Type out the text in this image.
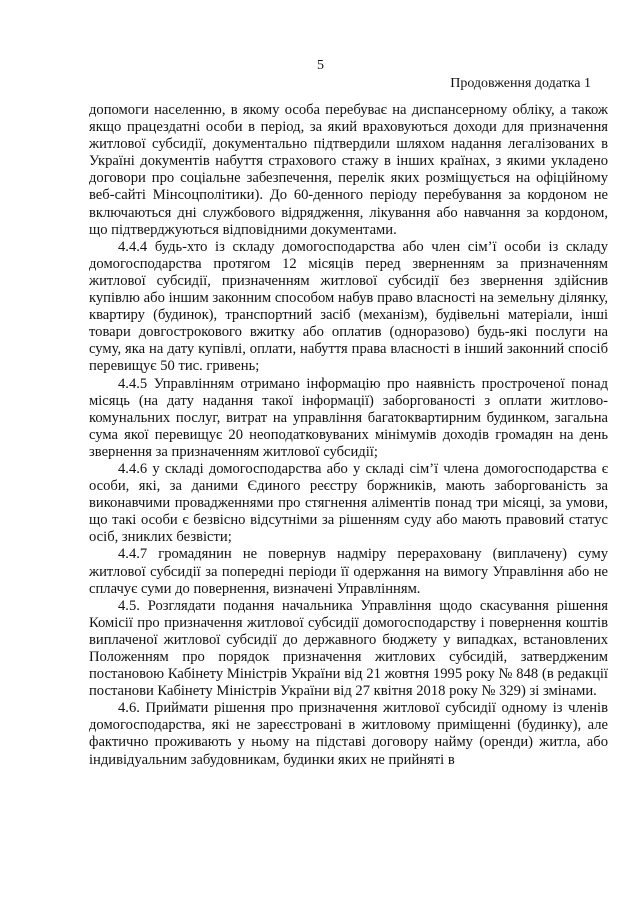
5
Продовження додатка 1

допомоги населенню, в якому особа перебуває на диспансерному обліку, а також якщо працездатні особи в період, за який враховуються доходи для призначення житлової субсидії, документально підтвердили шляхом надання легалізованих в Україні документів набуття страхового стажу в інших країнах, з якими укладено договори про соціальне забезпечення, перелік яких розміщується на офіційному веб-сайті Мінсоцполітики). До 60-денного періоду перебування за кордоном не включаються дні службового відрядження, лікування або навчання за кордоном, що підтверджуються відповідними документами.

4.4.4 будь-хто із складу домогосподарства або член сім’ї особи із складу домогосподарства протягом 12 місяців перед зверненням за призначенням житлової субсидії, призначенням житлової субсидії без звернення здійснив купівлю або іншим законним способом набув право власності на земельну ділянку, квартиру (будинок), транспортний засіб (механізм), будівельні матеріали, інші товари довгострокового вжитку або оплатив (одноразово) будь-які послуги на суму, яка на дату купівлі, оплати, набуття права власності в інший законний спосіб перевищує 50 тис. гривень;

4.4.5 Управлінням отримано інформацію про наявність простроченої понад місяць (на дату надання такої інформації) заборгованості з оплати житлово-комунальних послуг, витрат на управління багатоквартирним будинком, загальна сума якої перевищує 20 неоподатковуваних мінімумів доходів громадян на день звернення за призначенням житлової субсидії;

4.4.6 у складі домогосподарства або у складі сім’ї члена домогосподарства є особи, які, за даними Єдиного реєстру боржників, мають заборгованість за виконавчими провадженнями про стягнення аліментів понад три місяці, за умови, що такі особи є безвісно відсутніми за рішенням суду або мають правовий статус осіб, зниклих безвісти;

4.4.7 громадянин не повернув надміру перераховану (виплачену) суму житлової субсидії за попередні періоди її одержання на вимогу Управління або не сплачує суми до повернення, визначені Управлінням.

4.5. Розглядати подання начальника Управління щодо скасування рішення Комісії про призначення житлової субсидії домогосподарству і повернення коштів виплаченої житлової субсидії до державного бюджету у випадках, встановлених Положенням про порядок призначення житлових субсидій, затвердженим постановою Кабінету Міністрів України від 21 жовтня 1995 року № 848 (в редакції постанови Кабінету Міністрів України від 27 квітня 2018 року № 329) зі змінами.

4.6. Приймати рішення про призначення житлової субсидії одному із членів домогосподарства, які не зареєстровані в житловому приміщенні (будинку), але фактично проживають у ньому на підставі договору найму (оренди) житла, або індивідуальним забудовникам, будинки яких не прийняті в
